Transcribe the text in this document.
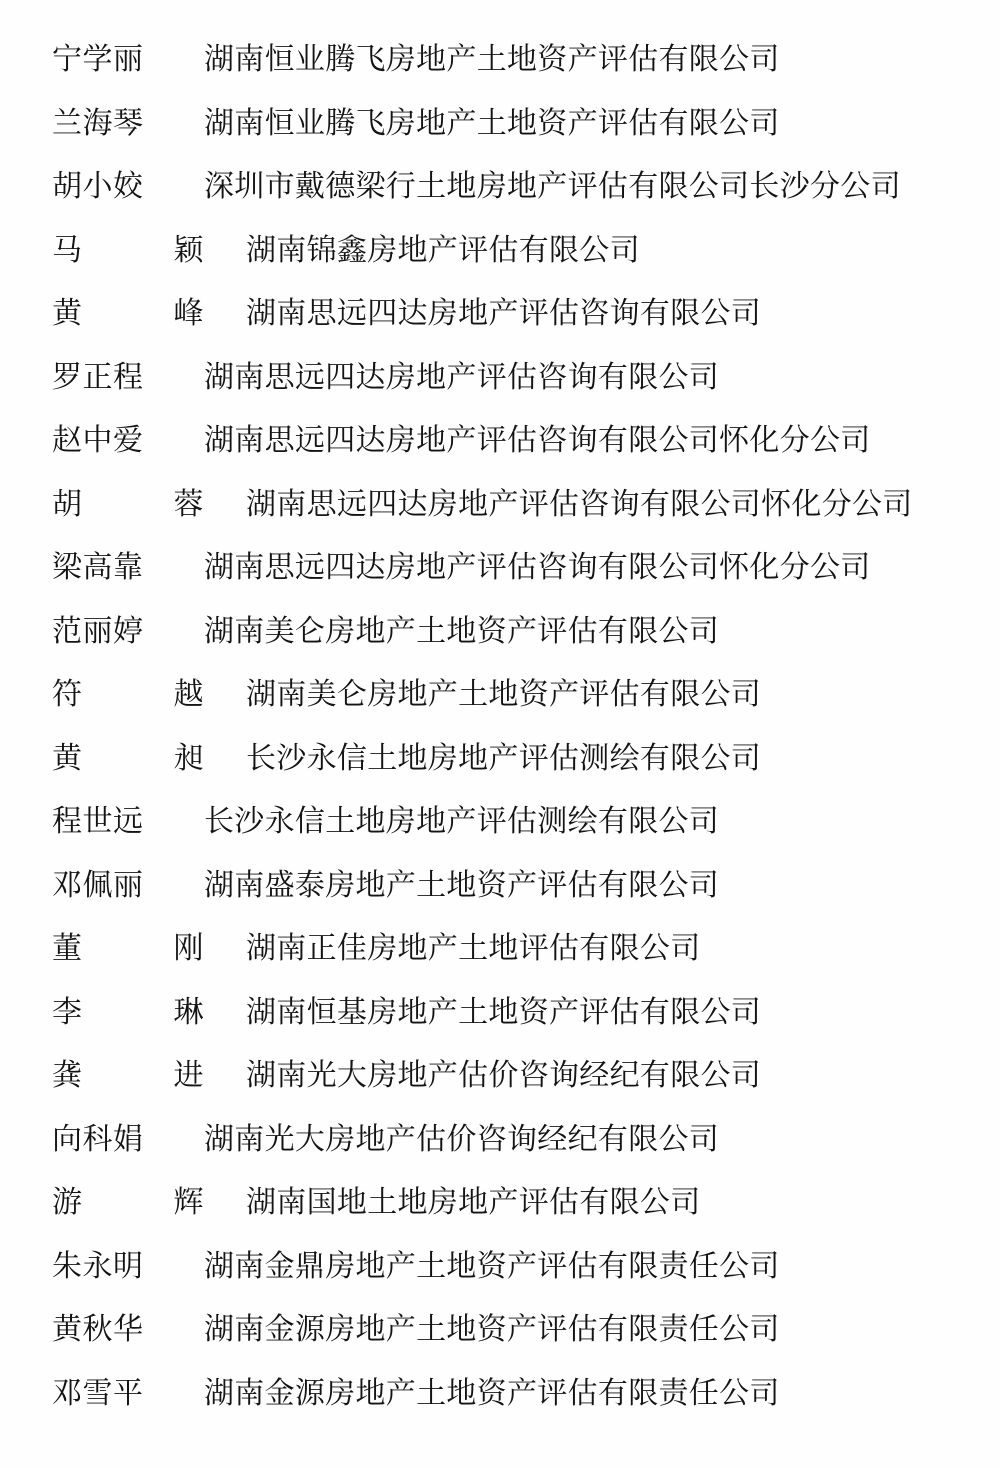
宁学丽	湖南恒业腾飞房地产土地资产评估有限公司
兰海琴	湖南恒业腾飞房地产土地资产评估有限公司
胡小姣	深圳市戴德梁行土地房地产评估有限公司长沙分公司
马	颖 湖南锦鑫房地产评估有限公司
黄	峰 湖南思远四达房地产评估咨询有限公司
罗正程	湖南思远四达房地产评估咨询有限公司
赵中爱	湖南思远四达房地产评估咨询有限公司怀化分公司
胡	蓉 湖南思远四达房地产评估咨询有限公司怀化分公司
梁高靠	湖南思远四达房地产评估咨询有限公司怀化分公司
范丽婷	湖南美仑房地产土地资产评估有限公司
符	越 湖南美仑房地产土地资产评估有限公司
黄	昶 长沙永信土地房地产评估测绘有限公司
程世远	长沙永信土地房地产评估测绘有限公司
邓佩丽	湖南盛泰房地产土地资产评估有限公司
董	刚 湖南正佳房地产土地评估有限公司
李	琳 湖南恒基房地产土地资产评估有限公司
龚	进 湖南光大房地产估价咨询经纪有限公司
向科娟	湖南光大房地产估价咨询经纪有限公司
游	辉 湖南国地土地房地产评估有限公司
朱永明	湖南金鼎房地产土地资产评估有限责任公司
黄秋华	湖南金源房地产土地资产评估有限责任公司
邓雪平	湖南金源房地产土地资产评估有限责任公司
